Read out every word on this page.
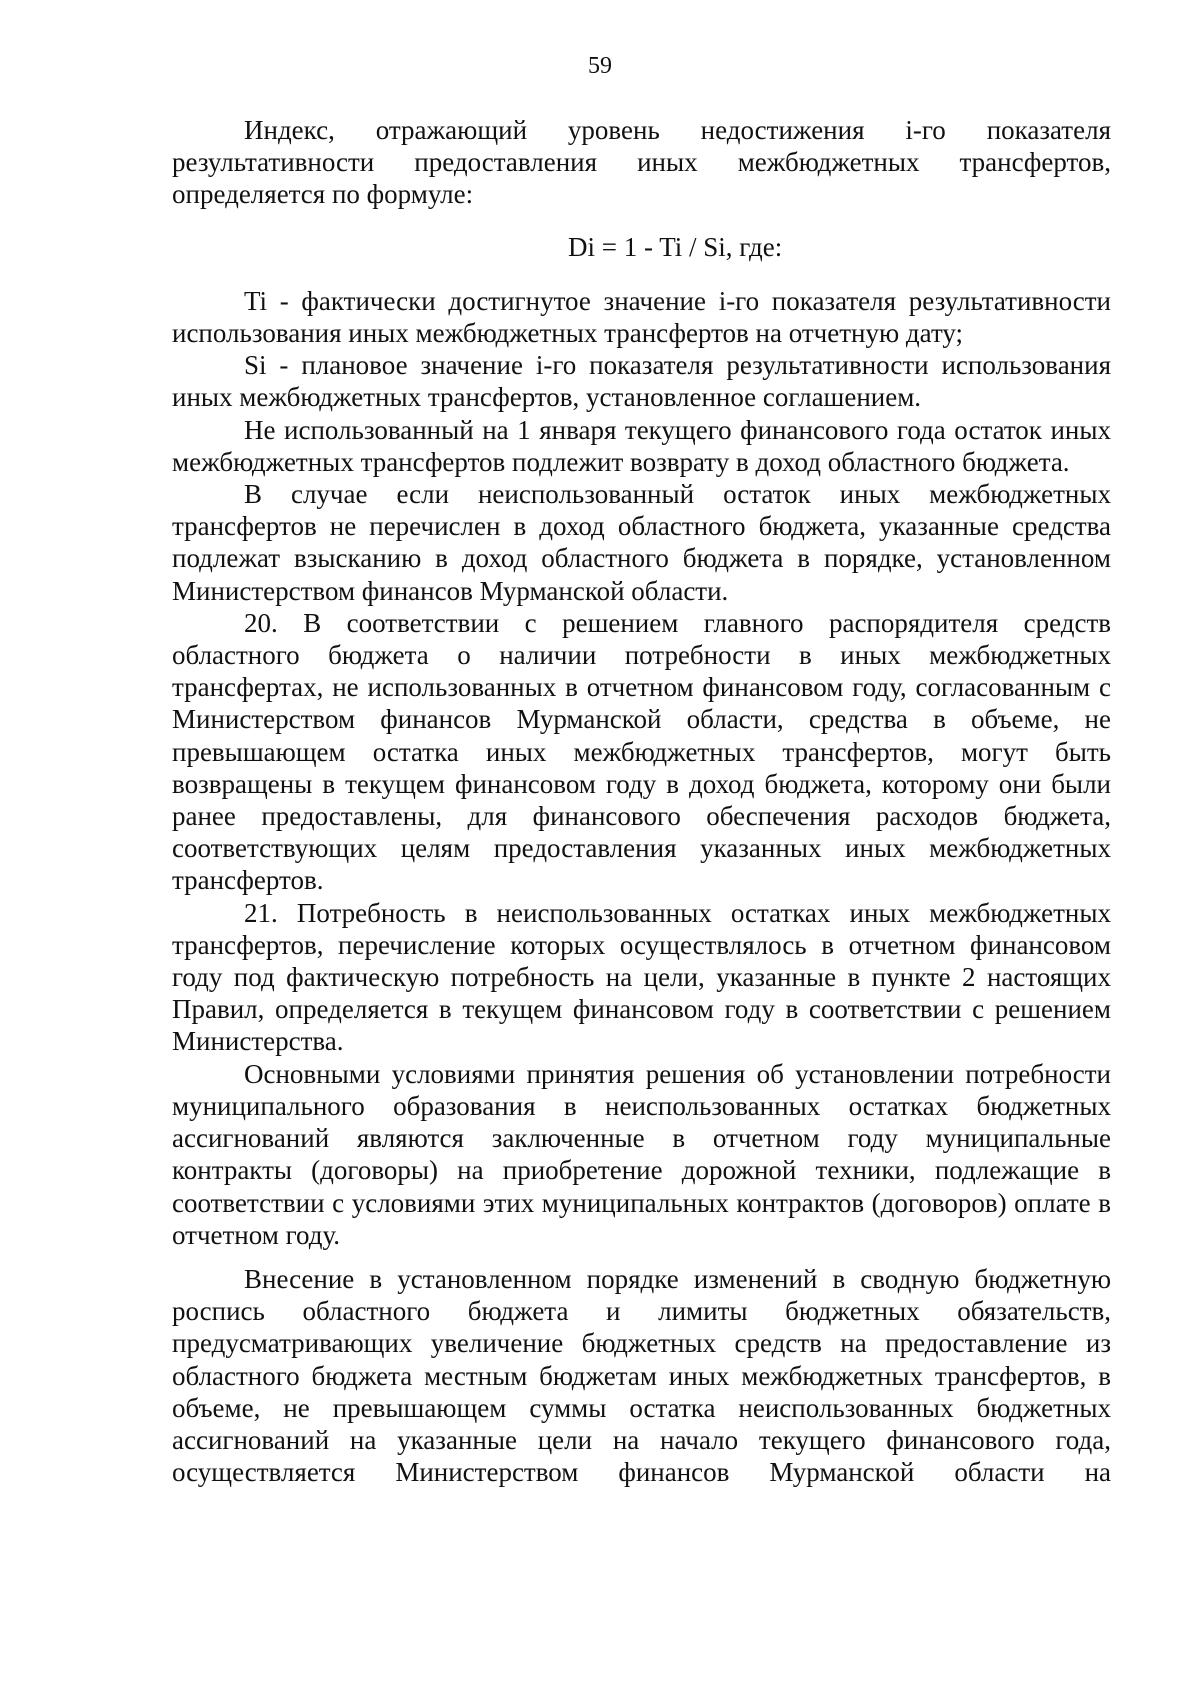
59

Индекс, отражающий уровень недостижения i-го показателя результативности предоставления иных межбюджетных трансфертов, определяется по формуле:

Di = 1 - Ti / Si, где:

Ti - фактически достигнутое значение i-го показателя результативности использования иных межбюджетных трансфертов на отчетную дату;

Si - плановое значение i-го показателя результативности использования иных межбюджетных трансфертов, установленное соглашением.

Не использованный на 1 января текущего финансового года остаток иных межбюджетных трансфертов подлежит возврату в доход областного бюджета.

В случае если неиспользованный остаток иных межбюджетных трансфертов не перечислен в доход областного бюджета, указанные средства подлежат взысканию в доход областного бюджета в порядке, установленном Министерством финансов Мурманской области.

20. В соответствии с решением главного распорядителя средств областного бюджета о наличии потребности в иных межбюджетных трансфертах, не использованных в отчетном финансовом году, согласованным с Министерством финансов Мурманской области, средства в объеме, не превышающем остатка иных межбюджетных трансфертов, могут быть возвращены в текущем финансовом году в доход бюджета, которому они были ранее предоставлены, для финансового обеспечения расходов бюджета, соответствующих целям предоставления указанных иных межбюджетных трансфертов.

21. Потребность в неиспользованных остатках иных межбюджетных трансфертов, перечисление которых осуществлялось в отчетном финансовом году под фактическую потребность на цели, указанные в пункте 2 настоящих Правил, определяется в текущем финансовом году в соответствии с решением Министерства.

Основными условиями принятия решения об установлении потребности муниципального образования в неиспользованных остатках бюджетных ассигнований являются заключенные в отчетном году муниципальные контракты (договоры) на приобретение дорожной техники, подлежащие в соответствии с условиями этих муниципальных контрактов (договоров) оплате в отчетном году.

Внесение в установленном порядке изменений в сводную бюджетную роспись областного бюджета и лимиты бюджетных обязательств, предусматривающих увеличение бюджетных средств на предоставление из областного бюджета местным бюджетам иных межбюджетных трансфертов, в объеме, не превышающем суммы остатка неиспользованных бюджетных ассигнований на указанные цели на начало текущего финансового года, осуществляется Министерством финансов Мурманской области на
